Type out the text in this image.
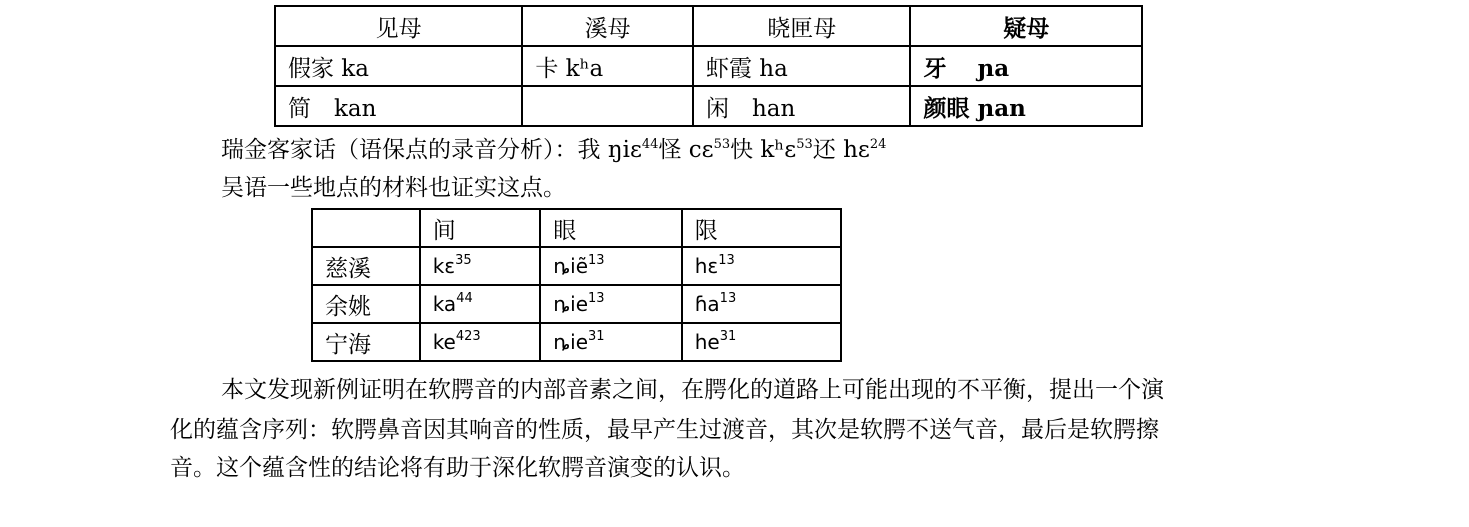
见母	溪母	晓匣母	疑母
假家 ka	卡 kʰa	虾霞 ha	牙　 ɲa
简　kan		闲　han	颜眼 ɲan

瑞金客家话（语保点的录音分析）：我 ŋiɛ$^{44}$怪 cɛ$^{53}$快 kʰɛ$^{53}$还 hɛ$^{24}$

吴语一些地点的材料也证实这点。

	间	眼	限
慈溪	kɛ$^{35}$	ȵiẽ$^{13}$	hɛ$^{13}$
余姚	$ka^{44}$	ȵie$^{13}$	ɦa$^{13}$
宁海	$ke^{423}$	ȵie$^{31}$	$he^{31}$

本文发现新例证明在软腭音的内部音素之间，在腭化的道路上可能出现的不平衡，提出一个演

化的蕴含序列：软腭鼻音因其响音的性质，最早产生过渡音，其次是软腭不送气音，最后是软腭擦

音。这个蕴含性的结论将有助于深化软腭音演变的认识。
